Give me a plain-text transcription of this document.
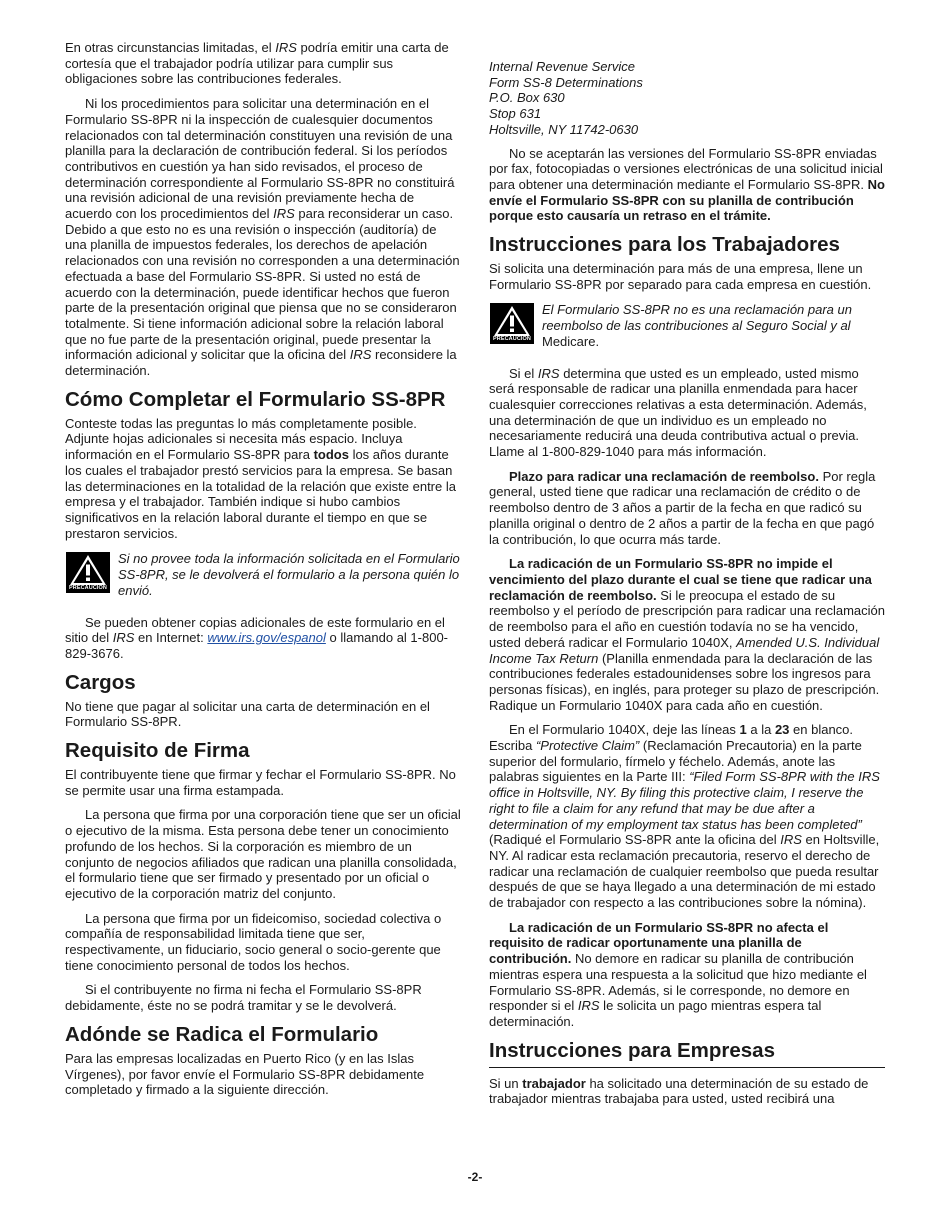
En otras circunstancias limitadas, el IRS podría emitir una carta de cortesía que el trabajador podría utilizar para cumplir sus obligaciones sobre las contribuciones federales.

Ni los procedimientos para solicitar una determinación en el Formulario SS-8PR ni la inspección de cualesquier documentos relacionados con tal determinación constituyen una revisión de una planilla para la declaración de contribución federal. Si los períodos contributivos en cuestión ya han sido revisados, el proceso de determinación correspondiente al Formulario SS-8PR no constituirá una revisión adicional de una revisión previamente hecha de acuerdo con los procedimientos del IRS para reconsiderar un caso. Debido a que esto no es una revisión o inspección (auditoría) de una planilla de impuestos federales, los derechos de apelación relacionados con una revisión no corresponden a una determinación efectuada a base del Formulario SS-8PR. Si usted no está de acuerdo con la determinación, puede identificar hechos que fueron parte de la presentación original que piensa que no se consideraron totalmente. Si tiene información adicional sobre la relación laboral que no fue parte de la presentación original, puede presentar la información adicional y solicitar que la oficina del IRS reconsidere la determinación.

Cómo Completar el Formulario SS-8PR

Conteste todas las preguntas lo más completamente posible. Adjunte hojas adicionales si necesita más espacio. Incluya información en el Formulario SS-8PR para todos los años durante los cuales el trabajador prestó servicios para la empresa. Se basan las determinaciones en la totalidad de la relación que existe entre la empresa y el trabajador. También indique si hubo cambios significativos en la relación laboral durante el tiempo en que se prestaron servicios.

PRECAUCIÓN

Si no provee toda la información solicitada en el Formulario SS-8PR, se le devolverá el formulario a la persona quién lo envió.

Se pueden obtener copias adicionales de este formulario en el sitio del IRS en Internet: www.irs.gov/espanol o llamando al 1-800-829-3676.

Cargos

No tiene que pagar al solicitar una carta de determinación en el Formulario SS-8PR.

Requisito de Firma

El contribuyente tiene que firmar y fechar el Formulario SS-8PR. No se permite usar una firma estampada.

La persona que firma por una corporación tiene que ser un oficial o ejecutivo de la misma. Esta persona debe tener un conocimiento profundo de los hechos. Si la corporación es miembro de un conjunto de negocios afiliados que radican una planilla consolidada, el formulario tiene que ser firmado y presentado por un oficial o ejecutivo de la corporación matriz del conjunto.

La persona que firma por un fideicomiso, sociedad colectiva o compañía de responsabilidad limitada tiene que ser, respectivamente, un fiduciario, socio general o socio-gerente que tiene conocimiento personal de todos los hechos.

Si el contribuyente no firma ni fecha el Formulario SS-8PR debidamente, éste no se podrá tramitar y se le devolverá.

Adónde se Radica el Formulario

Para las empresas localizadas en Puerto Rico (y en las Islas Vírgenes), por favor envíe el Formulario SS-8PR debidamente completado y firmado a la siguiente dirección.

Internal Revenue Service
Form SS-8 Determinations
P.O. Box 630
Stop 631
Holtsville, NY 11742-0630

No se aceptarán las versiones del Formulario SS-8PR enviadas por fax, fotocopiadas o versiones electrónicas de una solicitud inicial para obtener una determinación mediante el Formulario SS-8PR. No envíe el Formulario SS-8PR con su planilla de contribución porque esto causaría un retraso en el trámite.

Instrucciones para los Trabajadores

Si solicita una determinación para más de una empresa, llene un Formulario SS-8PR por separado para cada empresa en cuestión.

PRECAUCIÓN

El Formulario SS-8PR no es una reclamación para un reembolso de las contribuciones al Seguro Social y al Medicare.

Si el IRS determina que usted es un empleado, usted mismo será responsable de radicar una planilla enmendada para hacer cualesquier correcciones relativas a esta determinación. Además, una determinación de que un individuo es un empleado no necesariamente reducirá una deuda contributiva actual o previa. Llame al 1-800-829-1040 para más información.

Plazo para radicar una reclamación de reembolso. Por regla general, usted tiene que radicar una reclamación de crédito o de reembolso dentro de 3 años a partir de la fecha en que radicó su planilla original o dentro de 2 años a partir de la fecha en que pagó la contribución, lo que ocurra más tarde.

La radicación de un Formulario SS-8PR no impide el vencimiento del plazo durante el cual se tiene que radicar una reclamación de reembolso. Si le preocupa el estado de su reembolso y el período de prescripción para radicar una reclamación de reembolso para el año en cuestión todavía no se ha vencido, usted deberá radicar el Formulario 1040X, Amended U.S. Individual Income Tax Return (Planilla enmendada para la declaración de las contribuciones federales estadounidenses sobre los ingresos para personas físicas), en inglés, para proteger su plazo de prescripción. Radique un Formulario 1040X para cada año en cuestión.

En el Formulario 1040X, deje las líneas 1 a la 23 en blanco. Escriba “Protective Claim” (Reclamación Precautoria) en la parte superior del formulario, fírmelo y féchelo. Además, anote las palabras siguientes en la Parte III: “Filed Form SS-8PR with the IRS office in Holtsville, NY. By filing this protective claim, I reserve the right to file a claim for any refund that may be due after a determination of my employment tax status has been completed” (Radiqué el Formulario SS-8PR ante la oficina del IRS en Holtsville, NY. Al radicar esta reclamación precautoria, reservo el derecho de radicar una reclamación de cualquier reembolso que pueda resultar después de que se haya llegado a una determinación de mi estado de trabajador con respecto a las contribuciones sobre la nómina).

La radicación de un Formulario SS-8PR no afecta el requisito de radicar oportunamente una planilla de contribución. No demore en radicar su planilla de contribución mientras espera una respuesta a la solicitud que hizo mediante el Formulario SS-8PR. Además, si le corresponde, no demore en responder si el IRS le solicita un pago mientras espera tal determinación.

Instrucciones para Empresas

Si un trabajador ha solicitado una determinación de su estado de trabajador mientras trabajaba para usted, usted recibirá una

-2-
